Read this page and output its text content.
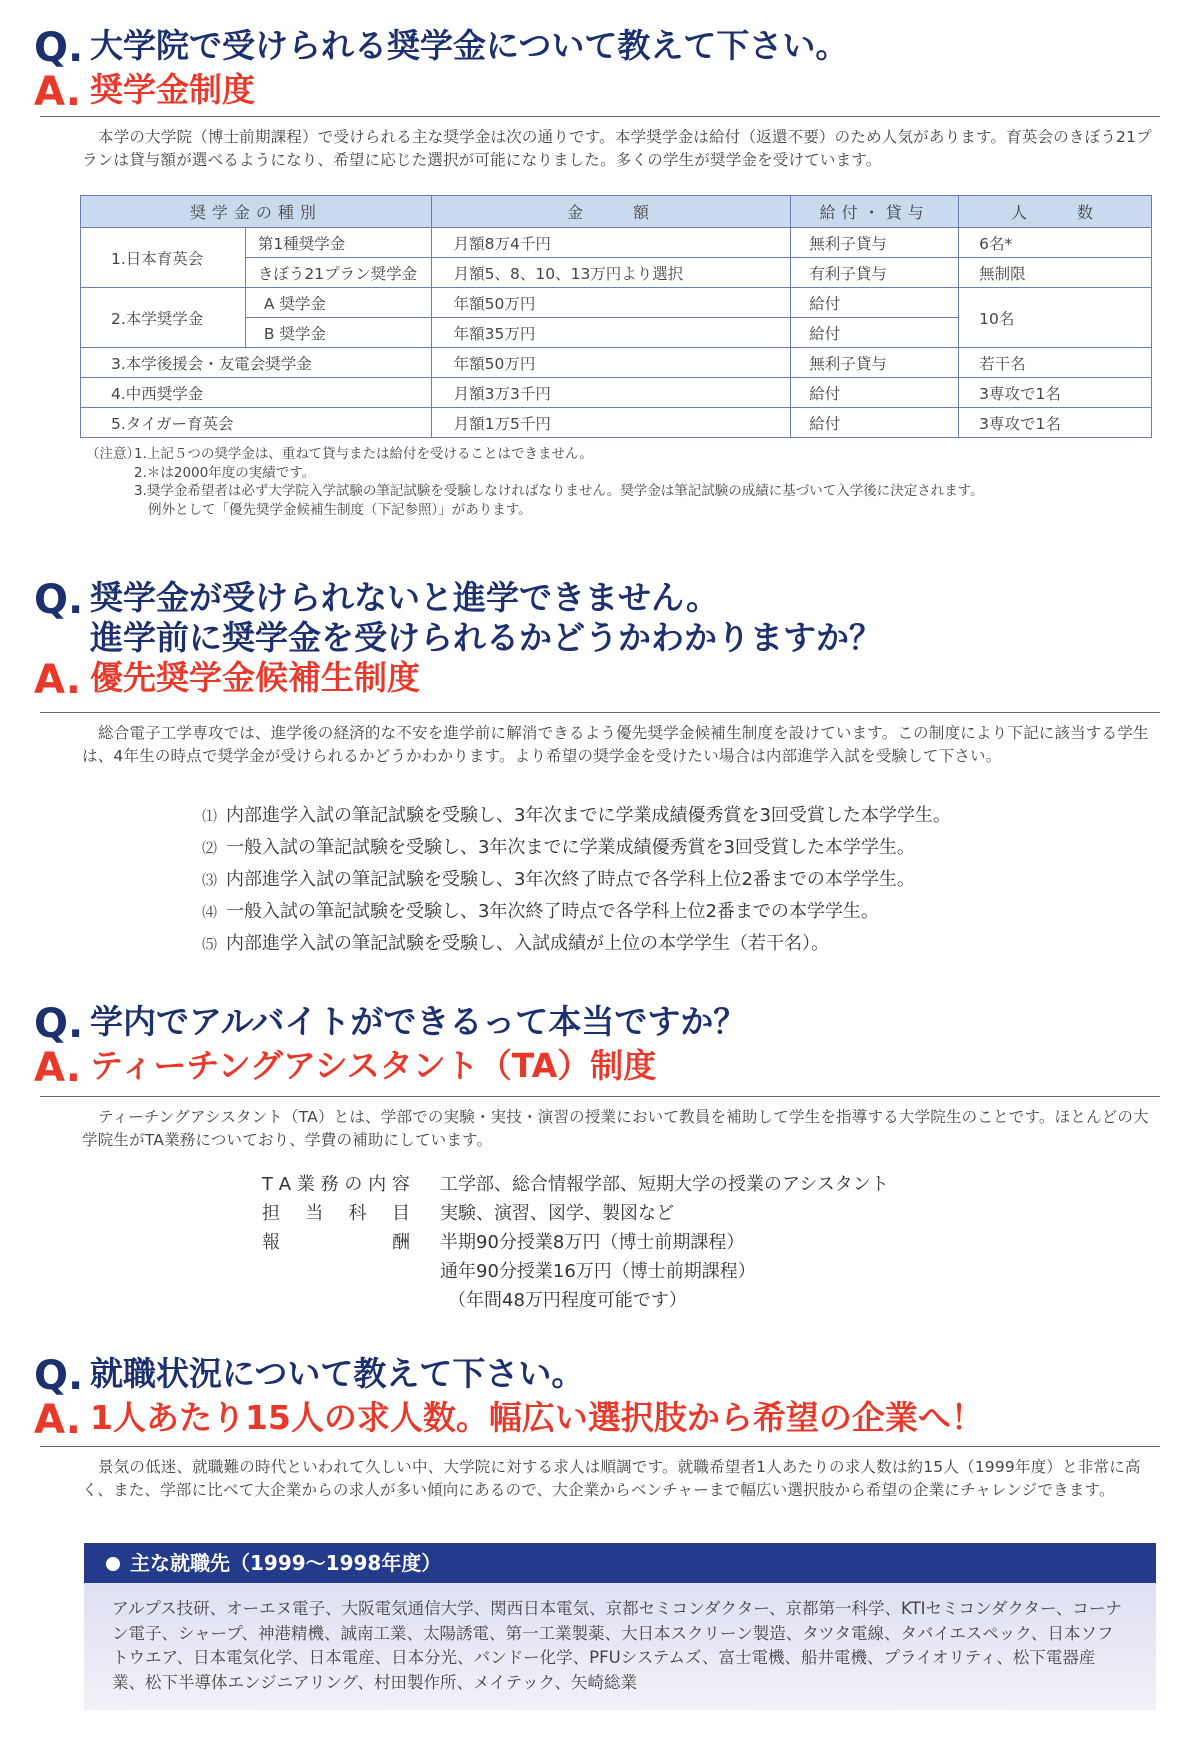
Q. 大学院で受けられる奨学金について教えて下さい。
A. 奨学金制度
本学の大学院（博士前期課程）で受けられる主な奨学金は次の通りです。本学奨学金は給付（返還不要）のため人気があります。育英会のきぼう21プランは貸与額が選べるようになり、希望に応じた選択が可能になりました。多くの学生が奨学金を受けています。
奨学金の種別		金　　額	給付・貸与	人　　数
1.日本育英会	第1種奨学金	月額8万4千円	無利子貸与	6名*
	きぼう21プラン奨学金	月額5、8、10、13万円より選択	有利子貸与	無制限
2.本学奨学金	A 奨学金	年額50万円	給付	10名
	B 奨学金	年額35万円	給付	
3.本学後援会・友電会奨学金		年額50万円	無利子貸与	若干名
4.中西奨学金		月額3万3千円	給付	3専攻で1名
5.タイガー育英会		月額1万5千円	給付	3専攻で1名
（注意）
1.上記５つの奨学金は、重ねて貸与または給付を受けることはできません。
2.＊は2000年度の実績です。
3.奨学金希望者は必ず大学院入学試験の筆記試験を受験しなければなりません。奨学金は筆記試験の成績に基づいて入学後に決定されます。
例外として「優先奨学金候補生制度（下記参照）」があります。
Q. 奨学金が受けられないと進学できません。
進学前に奨学金を受けられるかどうかわかりますか？
A. 優先奨学金候補生制度
総合電子工学専攻では、進学後の経済的な不安を進学前に解消できるよう優先奨学金候補生制度を設けています。この制度により下記に該当する学生は、4年生の時点で奨学金が受けられるかどうかわかります。より希望の奨学金を受けたい場合は内部進学入試を受験して下さい。
⑴ 内部進学入試の筆記試験を受験し、3年次までに学業成績優秀賞を3回受賞した本学学生。
⑵ 一般入試の筆記試験を受験し、3年次までに学業成績優秀賞を3回受賞した本学学生。
⑶ 内部進学入試の筆記試験を受験し、3年次終了時点で各学科上位2番までの本学学生。
⑷ 一般入試の筆記試験を受験し、3年次終了時点で各学科上位2番までの本学学生。
⑸ 内部進学入試の筆記試験を受験し、入試成績が上位の本学学生（若干名）。
Q. 学内でアルバイトができるって本当ですか？
A. ティーチングアシスタント（TA）制度
ティーチングアシスタント（TA）とは、学部での実験・実技・演習の授業において教員を補助して学生を指導する大学院生のことです。ほとんどの大学院生がTA業務についており、学費の補助にしています。
T A 業 務 の 内 容 工学部、総合情報学部、短期大学の授業のアシスタント
担 当 科 目 実験、演習、図学、製図など
報	酬 半期90分授業8万円（博士前期課程）
通年90分授業16万円（博士前期課程）
（年間48万円程度可能です）
Q. 就職状況について教えて下さい。
A. 1人あたり15人の求人数。幅広い選択肢から希望の企業へ！
景気の低迷、就職難の時代といわれて久しい中、大学院に対する求人は順調です。就職希望者1人あたりの求人数は約15人（1999年度）と非常に高く、また、学部に比べて大企業からの求人が多い傾向にあるので、大企業からベンチャーまで幅広い選択肢から希望の企業にチャレンジできます。
主な就職先（1999～1998年度）
アルプス技研、オーエヌ電子、大阪電気通信大学、関西日本電気、京都セミコンダクター、京都第一科学、KTIセミコンダクター、コーナン電子、シャープ、神港精機、誠南工業、太陽誘電、第一工業製薬、大日本スクリーン製造、タツタ電線、タバイエスペック、日本ソフトウエア、日本電気化学、日本電産、日本分光、バンドー化学、PFUシステムズ、富士電機、船井電機、プライオリティ、松下電器産業、松下半導体エンジニアリング、村田製作所、メイテック、矢崎総業
